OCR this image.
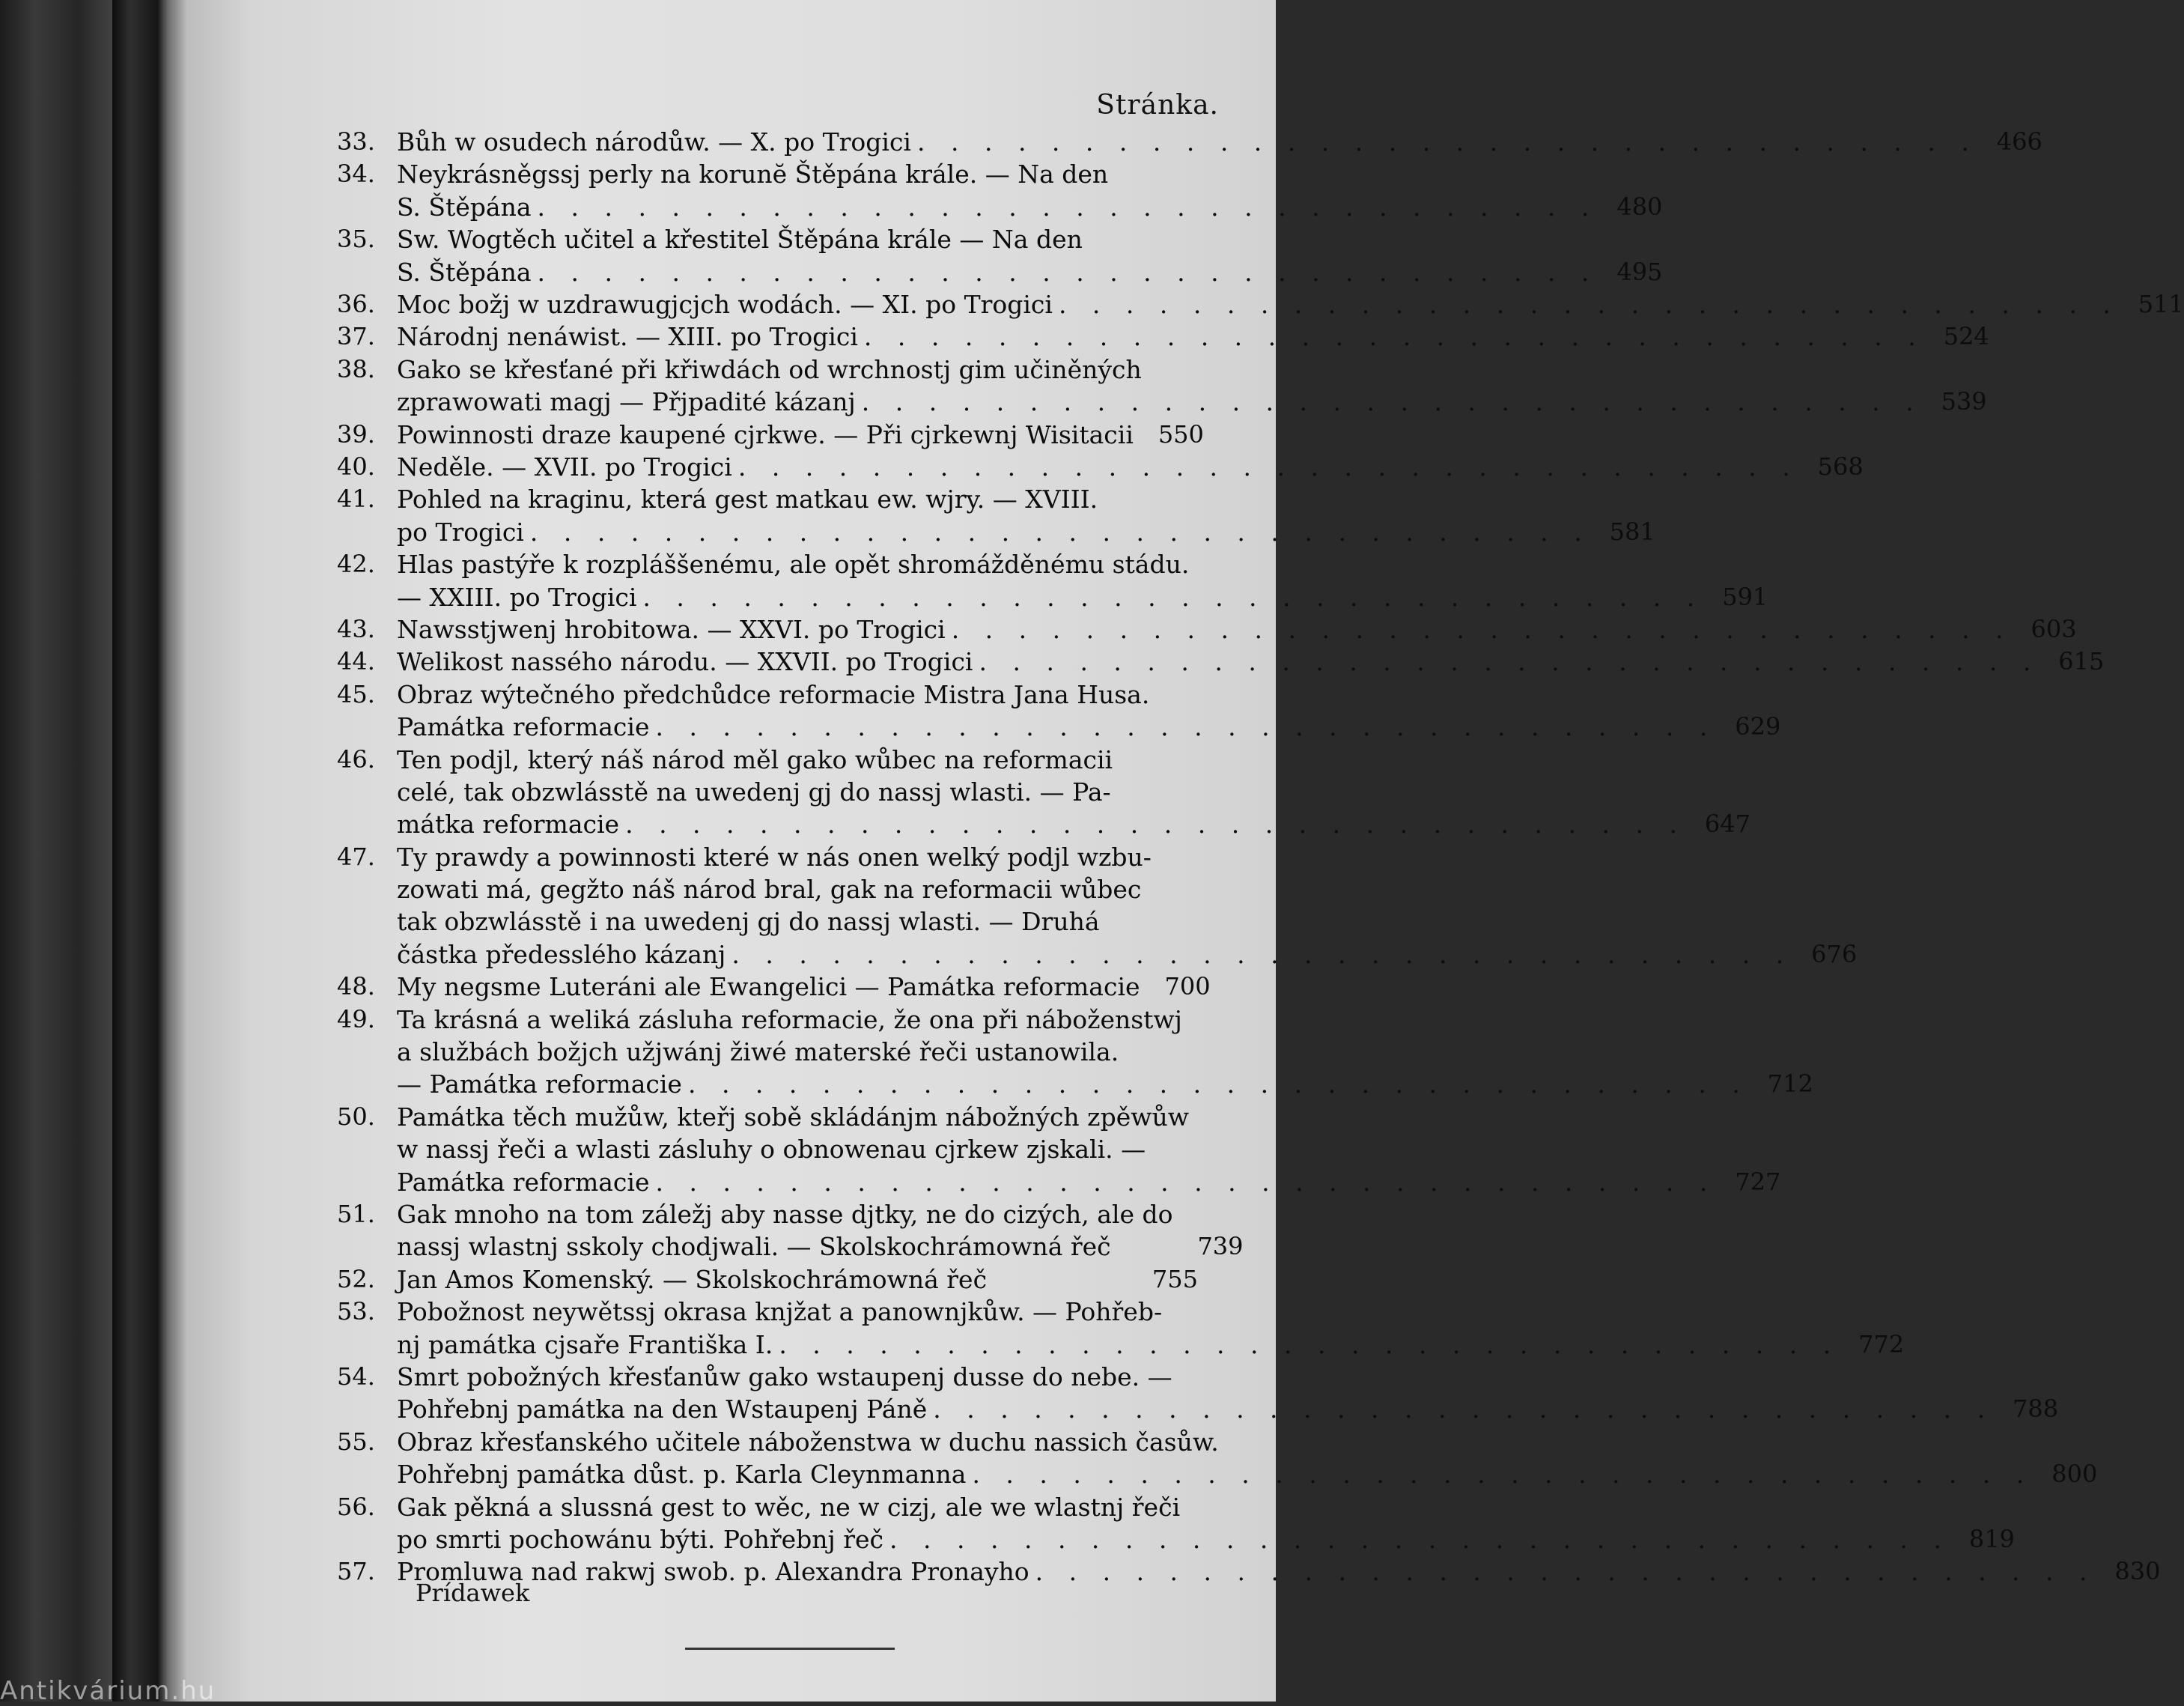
Stránka.
33. Bůh w osudech národůw. — X. po Trogici . . . . . . . . . . . . . . . . . . . . . . . . . . . . . . . . 466
34. Neykrásněgssj perly na korunĕ Štěpána krále. — Na den
S. Štěpána . . . . . . . . . . . . . . . . . . . . . . . . . . . . . . . . 480
35. Sw. Wogtěch učitel a křestitel Štěpána krále — Na den
S. Štěpána . . . . . . . . . . . . . . . . . . . . . . . . . . . . . . . . 495
36. Moc božj w uzdrawugjcjch wodách. — XI. po Trogici . . . . . . . . . . . . . . . . . . . . . . . . . . . . . . . . 511
37. Národnj nenáwist. — XIII. po Trogici . . . . . . . . . . . . . . . . . . . . . . . . . . . . . . . . 524
38. Gako se křesťané při křiwdách od wrchnostj gim učiněných
zprawowati magj — Přjpadité kázanj . . . . . . . . . . . . . . . . . . . . . . . . . . . . . . . . 539
39. Powinnosti draze kaupené cjrkwe. — Při cjrkewnj Wisitacii	550
40. Neděle. — XVII. po Trogici . . . . . . . . . . . . . . . . . . . . . . . . . . . . . . . . 568
41. Pohled na kraginu, která gest matkau ew. wjry. — XVIII.
po Trogici . . . . . . . . . . . . . . . . . . . . . . . . . . . . . . . . 581
42. Hlas pastýře k rozpláššenému, ale opět shromážděnému stádu.
— XXIII. po Trogici . . . . . . . . . . . . . . . . . . . . . . . . . . . . . . . . 591
43. Nawsstjwenj hrobitowa. — XXVI. po Trogici . . . . . . . . . . . . . . . . . . . . . . . . . . . . . . . . 603
44. Welikost nassého národu. — XXVII. po Trogici . . . . . . . . . . . . . . . . . . . . . . . . . . . . . . . . 615
45. Obraz wýtečného předchůdce reformacie Mistra Jana Husa.
Památka reformacie . . . . . . . . . . . . . . . . . . . . . . . . . . . . . . . . 629
46. Ten podjl, který náš národ měl gako wůbec na reformacii
celé, tak obzwlásstě na uwedenj gj do nassj wlasti. — Pa-
mátka reformacie . . . . . . . . . . . . . . . . . . . . . . . . . . . . . . . . 647
47. Ty prawdy a powinnosti které w nás onen welký podjl wzbu-
zowati má, gegžto náš národ bral, gak na reformacii wůbec
tak obzwlásstě i na uwedenj gj do nassj wlasti. — Druhá
částka předesslého kázanj . . . . . . . . . . . . . . . . . . . . . . . . . . . . . . . . 676
48. My negsme Luteráni ale Ewangelici — Památka reformacie	700
49. Ta krásná a weliká zásluha reformacie, že ona při náboženstwj
a službách božjch užjwánj žiwé materské řeči ustanowila.
— Památka reformacie . . . . . . . . . . . . . . . . . . . . . . . . . . . . . . . . 712
50. Památka těch mužůw, kteřj sobě skládánjm nábožných zpěwůw
w nassj řeči a wlasti zásluhy o obnowenau cjrkew zjskali. —
Památka reformacie . . . . . . . . . . . . . . . . . . . . . . . . . . . . . . . . 727
51. Gak mnoho na tom záležj aby nasse djtky, ne do cizých, ale do
nassj wlastnj sskoly chodjwali. — Skolskochrámowná řeč	739
52. Jan Amos Komenský. — Skolskochrámowná řeč	755
53. Pobožnost neywětssj okrasa knjžat a panownjkůw. — Pohřeb-
nj památka cjsaře Františka I. . . . . . . . . . . . . . . . . . . . . . . . . . . . . . . . . 772
54. Smrt pobožných křesťanůw gako wstaupenj dusse do nebe. —
Pohřebnj památka na den Wstaupenj Páně . . . . . . . . . . . . . . . . . . . . . . . . . . . . . . . . 788
55. Obraz křesťanského učitele náboženstwa w duchu nassich časůw.
Pohřebnj památka důst. p. Karla Cleynmanna . . . . . . . . . . . . . . . . . . . . . . . . . . . . . . . . 800
56. Gak pěkná a slussná gest to wěc, ne w cizj, ale we wlastnj řeči
po smrti pochowánu býti. Pohřebnj řeč . . . . . . . . . . . . . . . . . . . . . . . . . . . . . . . . 819
57. Promluwa nad rakwj swob. p. Alexandra Pronayho . . . . . . . . . . . . . . . . . . . . . . . . . . . . . . . . 830
Prídawek
Antikvárium.hu
